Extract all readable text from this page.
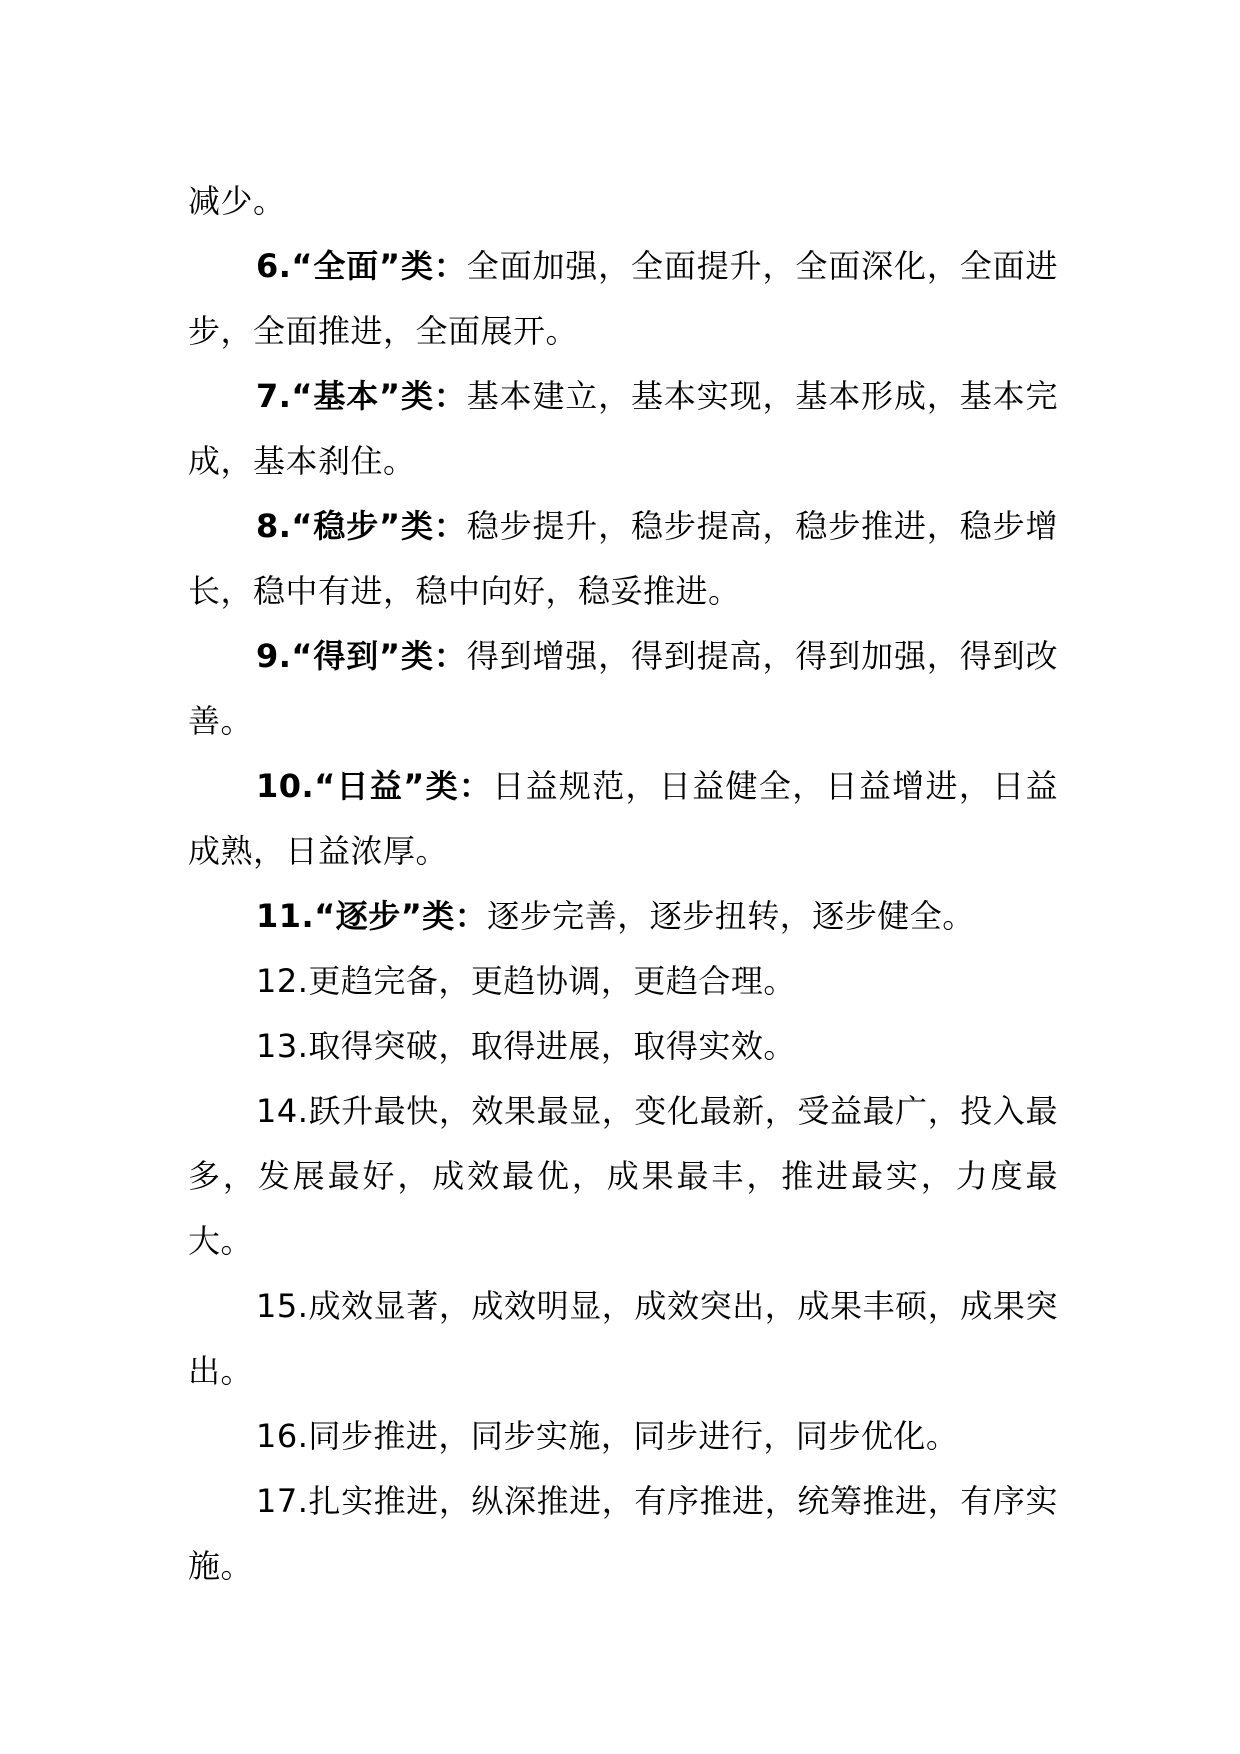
减少。

6.“全面”类：全面加强，全面提升，全面深化，全面进步，全面推进，全面展开。

7.“基本”类：基本建立，基本实现，基本形成，基本完成，基本刹住。

8.“稳步”类：稳步提升，稳步提高，稳步推进，稳步增长，稳中有进，稳中向好，稳妥推进。

9.“得到”类：得到增强，得到提高，得到加强，得到改善。

10.“日益”类：日益规范，日益健全，日益增进，日益成熟，日益浓厚。

11.“逐步”类：逐步完善，逐步扭转，逐步健全。

12.更趋完备，更趋协调，更趋合理。

13.取得突破，取得进展，取得实效。

14.跃升最快，效果最显，变化最新，受益最广，投入最多，发展最好，成效最优，成果最丰，推进最实，力度最大。

15.成效显著，成效明显，成效突出，成果丰硕，成果突出。

16.同步推进，同步实施，同步进行，同步优化。

17.扎实推进，纵深推进，有序推进，统筹推进，有序实施。
